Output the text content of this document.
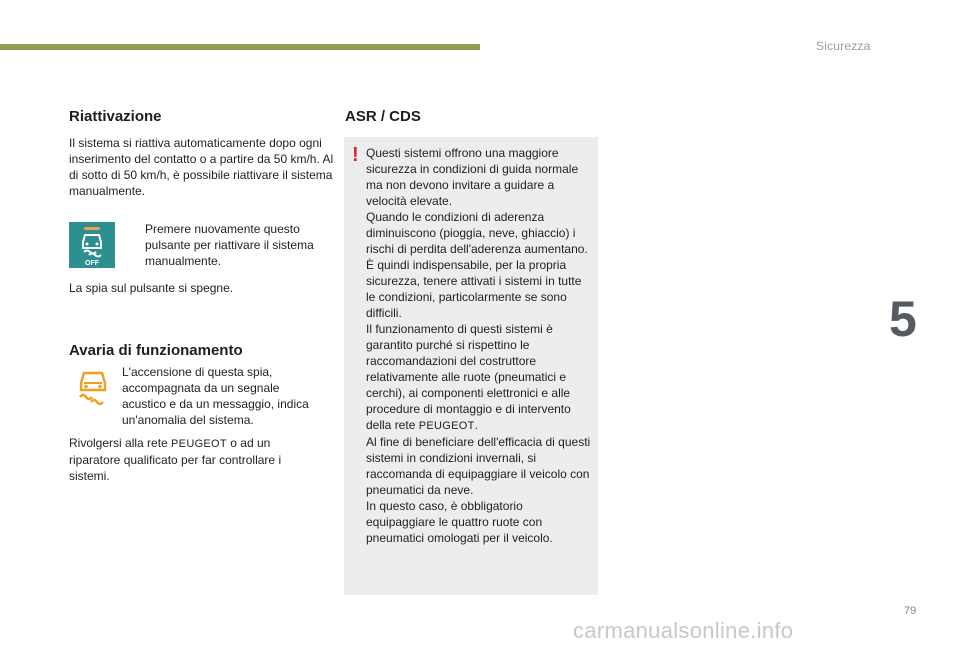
Sicurezza
Riattivazione
Il sistema si riattiva automaticamente dopo ogni inserimento del contatto o a partire da 50 km/h. Al di sotto di 50 km/h, è possibile riattivare il sistema manualmente.
OFF
Premere nuovamente questo pulsante per riattivare il sistema manualmente.
La spia sul pulsante si spegne.
Avaria di funzionamento
L'accensione di questa spia, accompagnata da un segnale acustico e da un messaggio, indica un'anomalia del sistema.
Rivolgersi alla rete PEUGEOT o ad un riparatore qualificato per far controllare i sistemi.
ASR / CDS
! Questi sistemi offrono una maggiore sicurezza in condizioni di guida normale ma non devono invitare a guidare a velocità elevate.
Quando le condizioni di aderenza diminuiscono (pioggia, neve, ghiaccio) i rischi di perdita dell'aderenza aumentano.
È quindi indispensabile, per la propria sicurezza, tenere attivati i sistemi in tutte le condizioni, particolarmente se sono difficili.
Il funzionamento di questi sistemi è garantito purché si rispettino le raccomandazioni del costruttore relativamente alle ruote (pneumatici e cerchi), ai componenti elettronici e alle procedure di montaggio e di intervento della rete PEUGEOT.
Al fine di beneficiare dell'efficacia di questi sistemi in condizioni invernali, si raccomanda di equipaggiare il veicolo con pneumatici da neve.
In questo caso, è obbligatorio equipaggiare le quattro ruote con pneumatici omologati per il veicolo.
5
79
carmanualsonline.info
